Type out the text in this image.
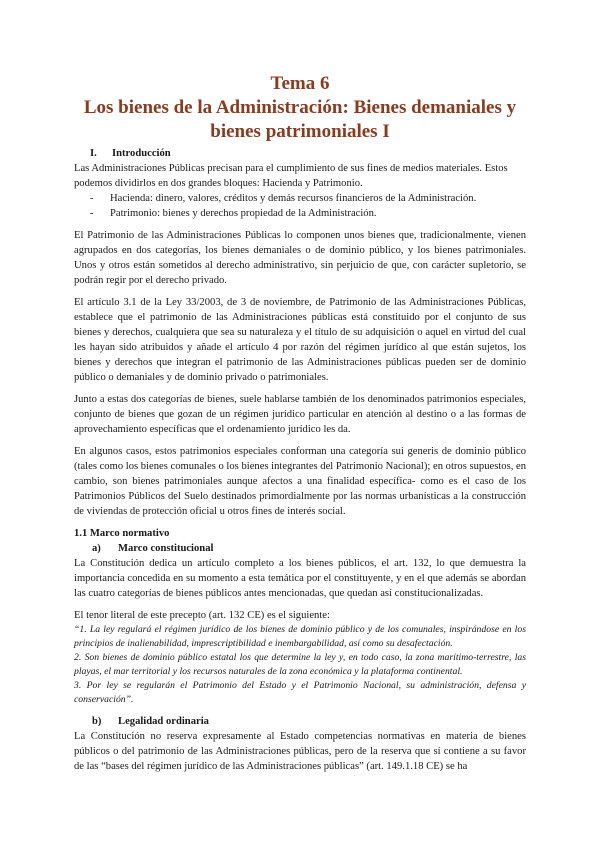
Tema 6
Los bienes de la Administración: Bienes demaniales y
bienes patrimoniales I
I. Introducción

Las Administraciones Públicas precisan para el cumplimiento de sus fines de medios materiales. Estos

podemos dividirlos en dos grandes bloques: Hacienda y Patrimonio.

- Hacienda: dinero, valores, créditos y demás recursos financieros de la Administración.
- Patrimonio: bienes y derechos propiedad de la Administración.

El Patrimonio de las Administraciones Públicas lo componen unos bienes que, tradicionalmente, vienen agrupados en dos categorías, los bienes demaniales o de dominio público, y los bienes patrimoniales. Unos y otros están sometidos al derecho administrativo, sin perjuicio de que, con carácter supletorio, se podrán regir por el derecho privado.

El artículo 3.1 de la Ley 33/2003, de 3 de noviembre, de Patrimonio de las Administraciones Públicas, establece que el patrimonio de las Administraciones públicas está constituido por el conjunto de sus bienes y derechos, cualquiera que sea su naturaleza y el título de su adquisición o aquel en virtud del cual les hayan sido atribuidos y añade el artículo 4 por razón del régimen jurídico al que están sujetos, los bienes y derechos que integran el patrimonio de las Administraciones públicas pueden ser de dominio público o demaniales y de dominio privado o patrimoniales.

Junto a estas dos categorías de bienes, suele hablarse también de los denominados patrimonios especiales, conjunto de bienes que gozan de un régimen jurídico particular en atención al destino o a las formas de aprovechamiento específicas que el ordenamiento jurídico les da.

En algunos casos, estos patrimonios especiales conforman una categoría sui generis de dominio público (tales como los bienes comunales o los bienes integrantes del Patrimonio Nacional); en otros supuestos, en cambio, son bienes patrimoniales aunque afectos a una finalidad específica- como es el caso de los Patrimonios Públicos del Suelo destinados primordialmente por las normas urbanísticas a la construcción de viviendas de protección oficial u otros fines de interés social.

1.1 Marco normativo
a) Marco constitucional

La Constitución dedica un artículo completo a los bienes públicos, el art. 132, lo que demuestra la importancia concedida en su momento a esta temática por el constituyente, y en el que además se abordan las cuatro categorías de bienes públicos antes mencionadas, que quedan así constitucionalizadas.

El tenor literal de este precepto (art. 132 CE) es el siguiente:

“1. La ley regulará el régimen jurídico de los bienes de dominio público y de los comunales, inspirándose en los principios de inalienabilidad, imprescriptibilidad e inembargabilidad, así como su desafectación.

2. Son bienes de dominio público estatal los que determine la ley y, en todo caso, la zona marítimo-terrestre, las playas, el mar territorial y los recursos naturales de la zona económica y la plataforma continental.

3. Por ley se regularán el Patrimonio del Estado y el Patrimonio Nacional, su administración, defensa y conservación”.

b) Legalidad ordinaria

La Constitución no reserva expresamente al Estado competencias normativas en materia de bienes públicos o del patrimonio de las Administraciones públicas, pero de la reserva que sí contiene a su favor de las “bases del régimen jurídico de las Administraciones públicas” (art. 149.1.18 CE) se ha
